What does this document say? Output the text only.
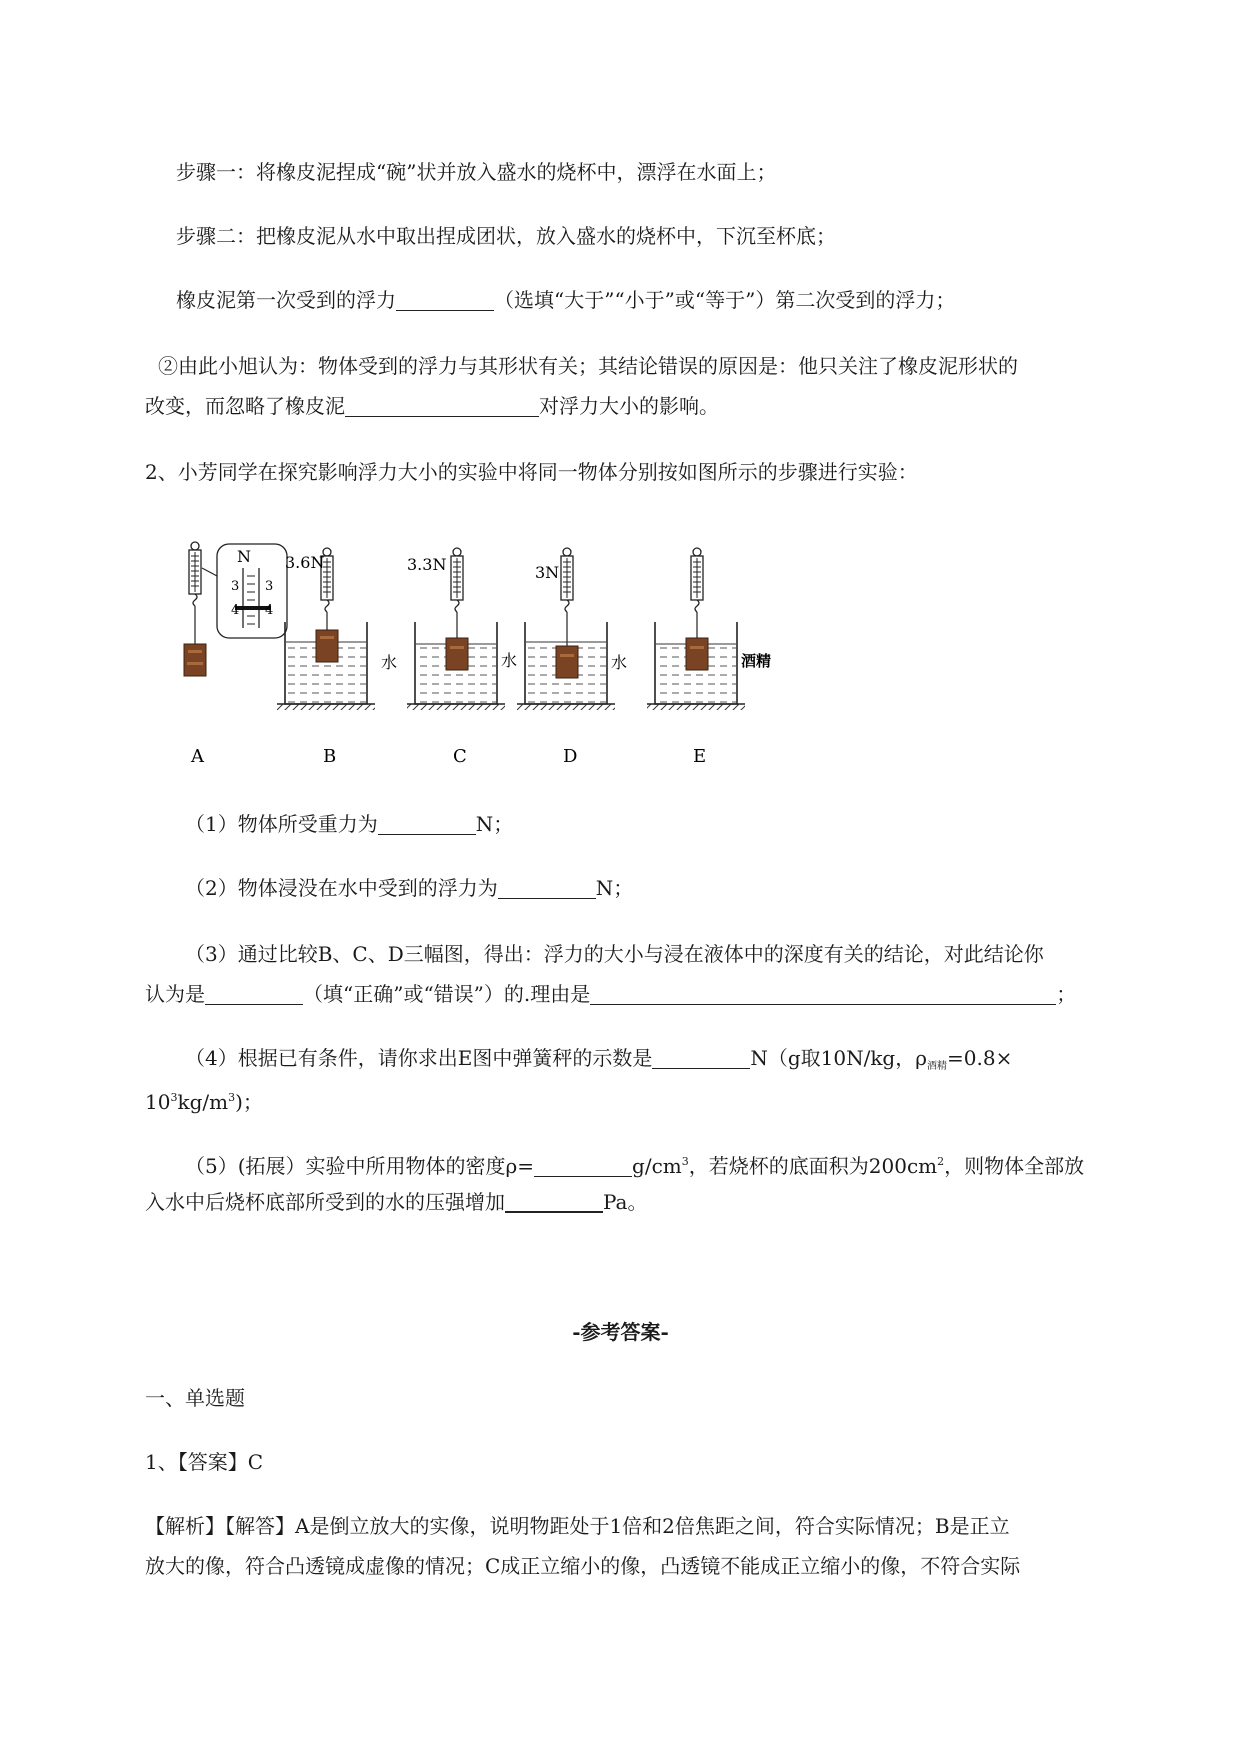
步骤一：将橡皮泥捏成“碗”状并放入盛水的烧杯中，漂浮在水面上；
步骤二：把橡皮泥从水中取出捏成团状，放入盛水的烧杯中，下沉至杯底；
橡皮泥第一次受到的浮力	（选填“大于”“小于”或“等于”）第二次受到的浮力；
②由此小旭认为：物体受到的浮力与其形状有关；其结论错误的原因是：他只关注了橡皮泥形状的
改变，而忽略了橡皮泥	对浮力大小的影响。
2、小芳同学在探究影响浮力大小的实验中将同一物体分别按如图所示的步骤进行实验：
N
3
4
3
4
A
3.6N
水
B
3.3N
水
C
3N
水
D
酒精
E
（1）物体所受重力为	N；
（2）物体浸没在水中受到的浮力为	N；
（3）通过比较B、C、D三幅图，得出：浮力的大小与浸在液体中的深度有关的结论，对此结论你
认为是	（填“正确”或“错误”）的.理由是	；
（4）根据已有条件，请你求出E图中弹簧秤的示数是	N（g取10N/kg，$\rho_{酒精}=0.8\times$
$10^3kg/m^3$)；
（5）(拓展）实验中所用物体的密度ρ=	$g/cm^3$，若烧杯的底面积为$200cm^2$，则物体全部放
入水中后烧杯底部所受到的水的压强增加	Pa。
-参考答案-
一、单选题
1、【答案】C
【解析】【解答】A是倒立放大的实像，说明物距处于1倍和2倍焦距之间，符合实际情况；B是正立
放大的像，符合凸透镜成虚像的情况；C成正立缩小的像，凸透镜不能成正立缩小的像，不符合实际
